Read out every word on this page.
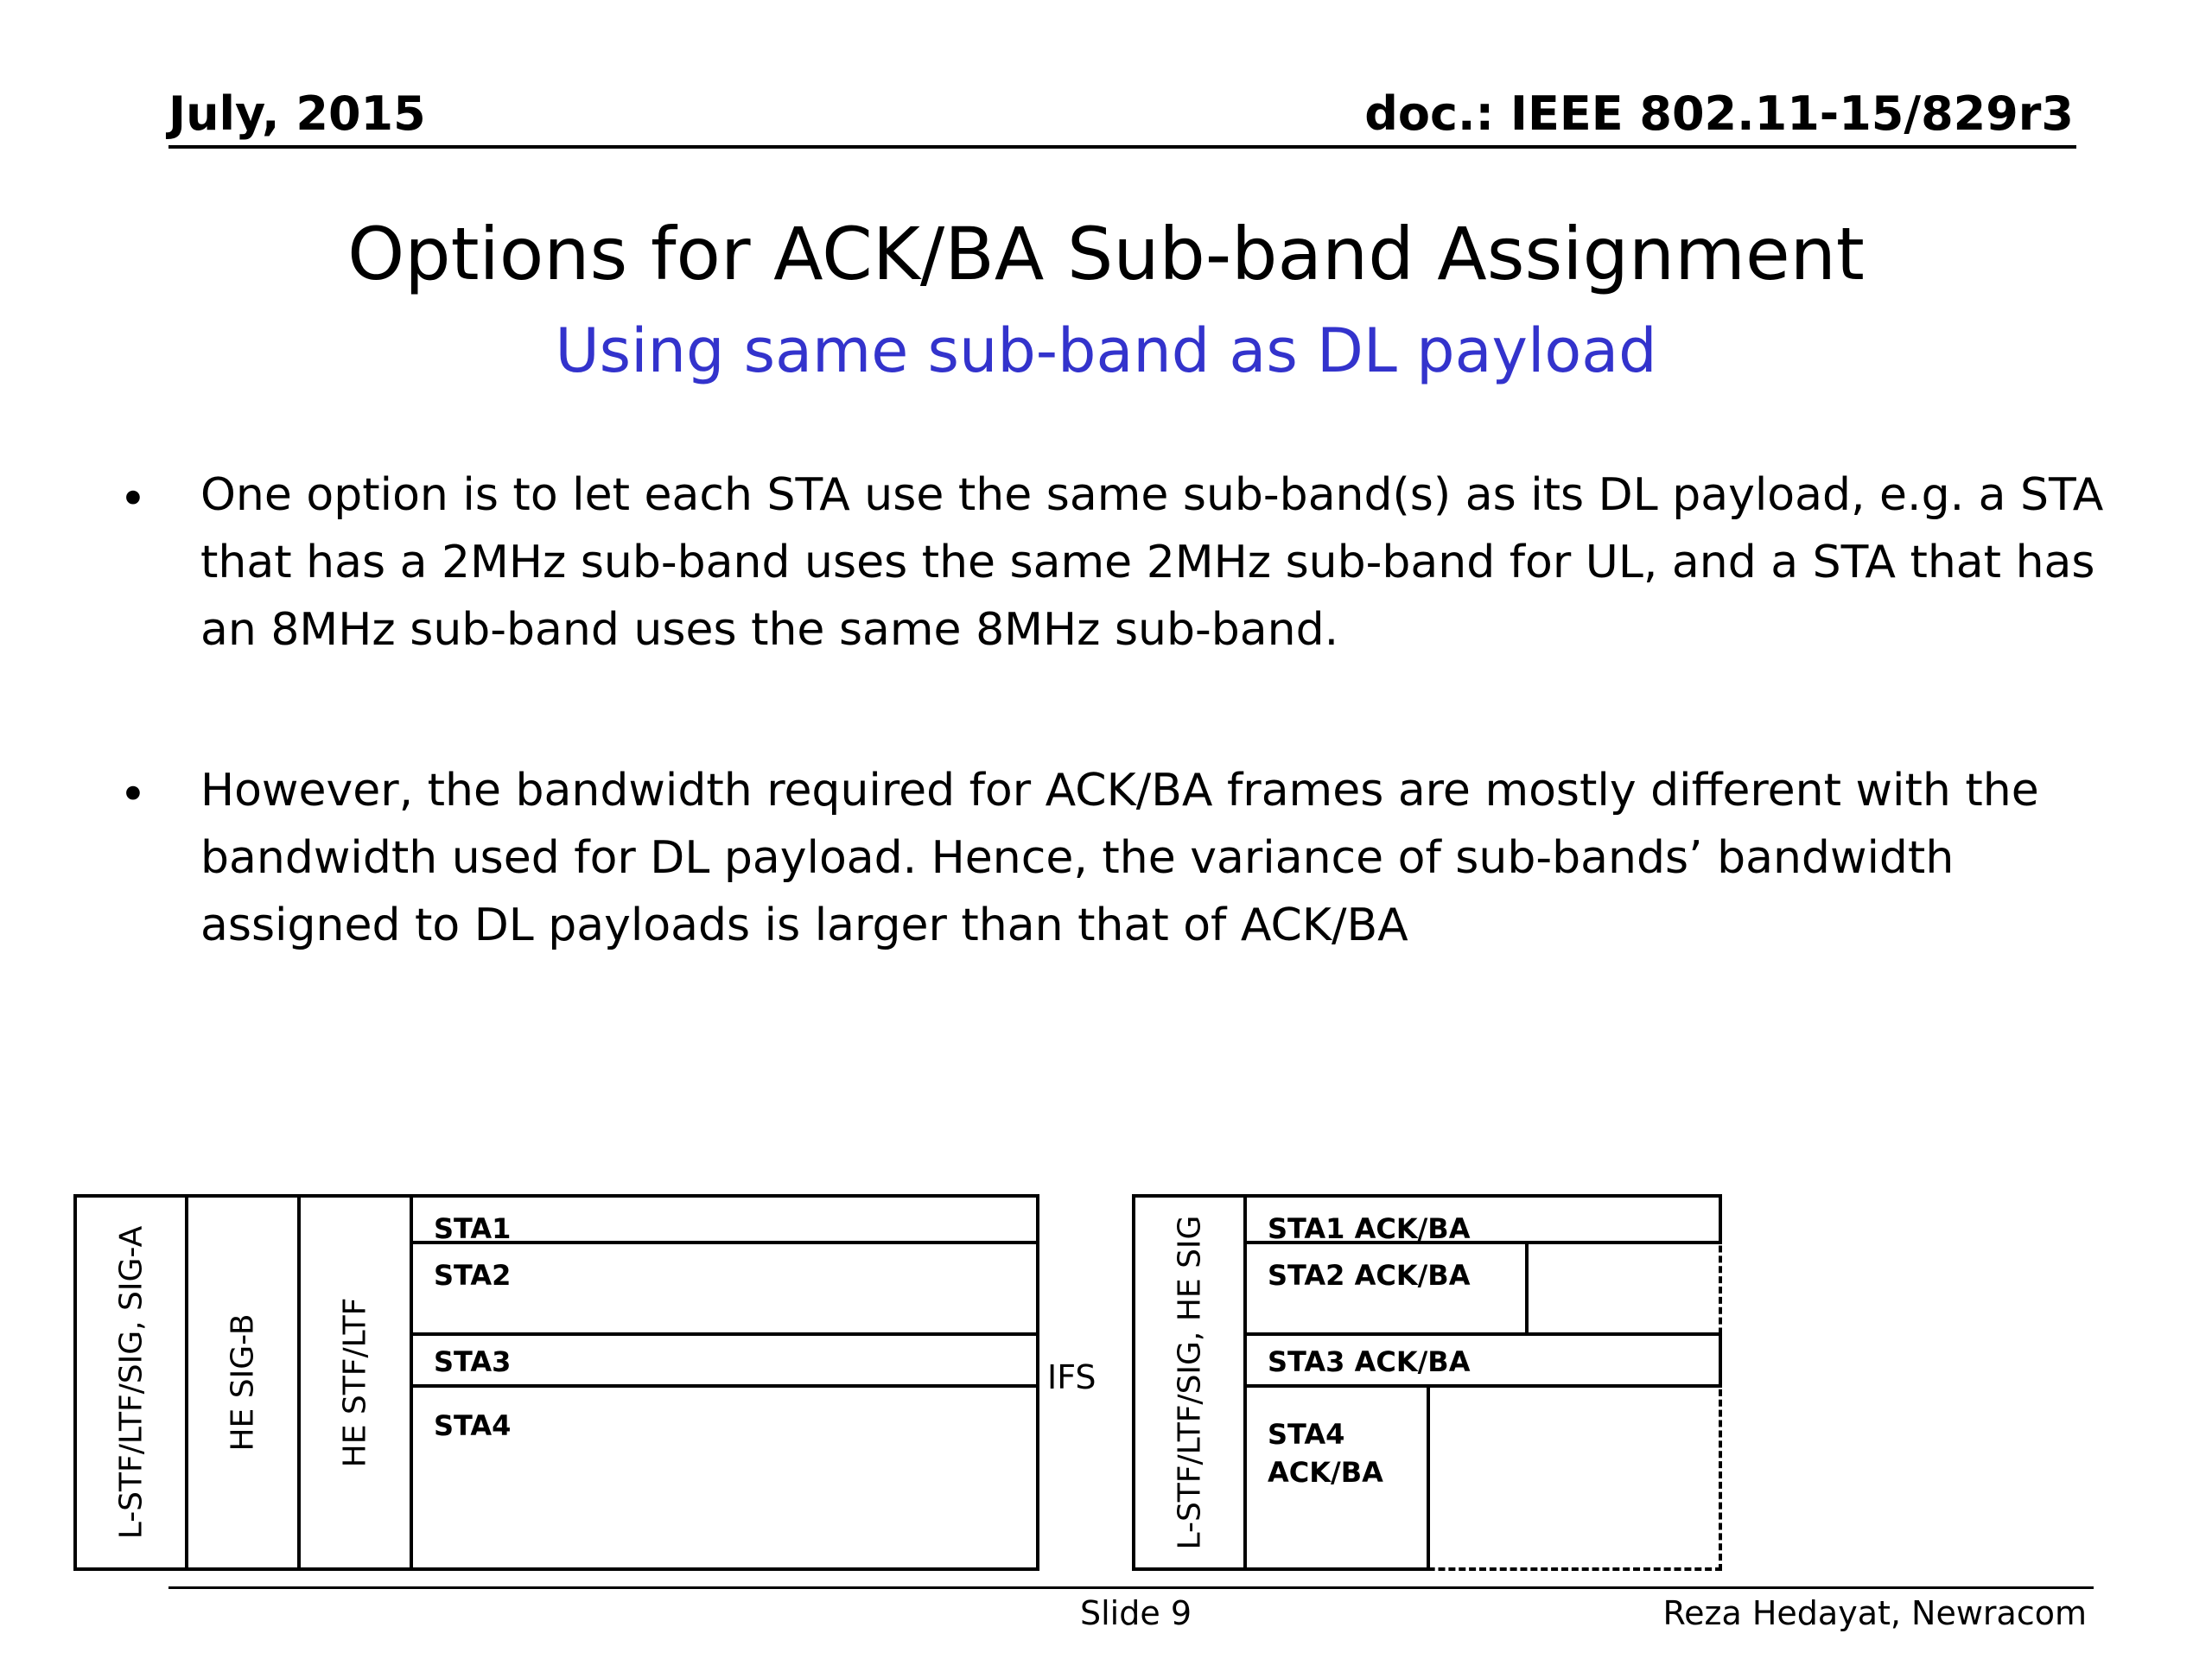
July, 2015	doc.: IEEE 802.11-15/829r3
Options for ACK/BA Sub-band Assignment
Using same sub-band as DL payload
• One option is to let each STA use the same sub-band(s) as its DL payload, e.g. a STA that has a 2MHz sub-band uses the same 2MHz sub-band for UL, and a STA that has an 8MHz sub-band uses the same 8MHz sub-band.
• However, the bandwidth required for ACK/BA frames are mostly different with the bandwidth used for DL payload. Hence, the variance of sub-bands’ bandwidth assigned to DL payloads is larger than that of ACK/BA
L-STF/LTF/SIG, SIG-A HE SIG-B HE STF/LTF
STA1
STA2
STA3
STA4
IFS L-STF/LTF/SIG, HE SIG STA1 ACK/BA
STA2 ACK/BA
STA3 ACK/BA
STA4
ACK/BA
Slide 9	Reza Hedayat, Newracom
